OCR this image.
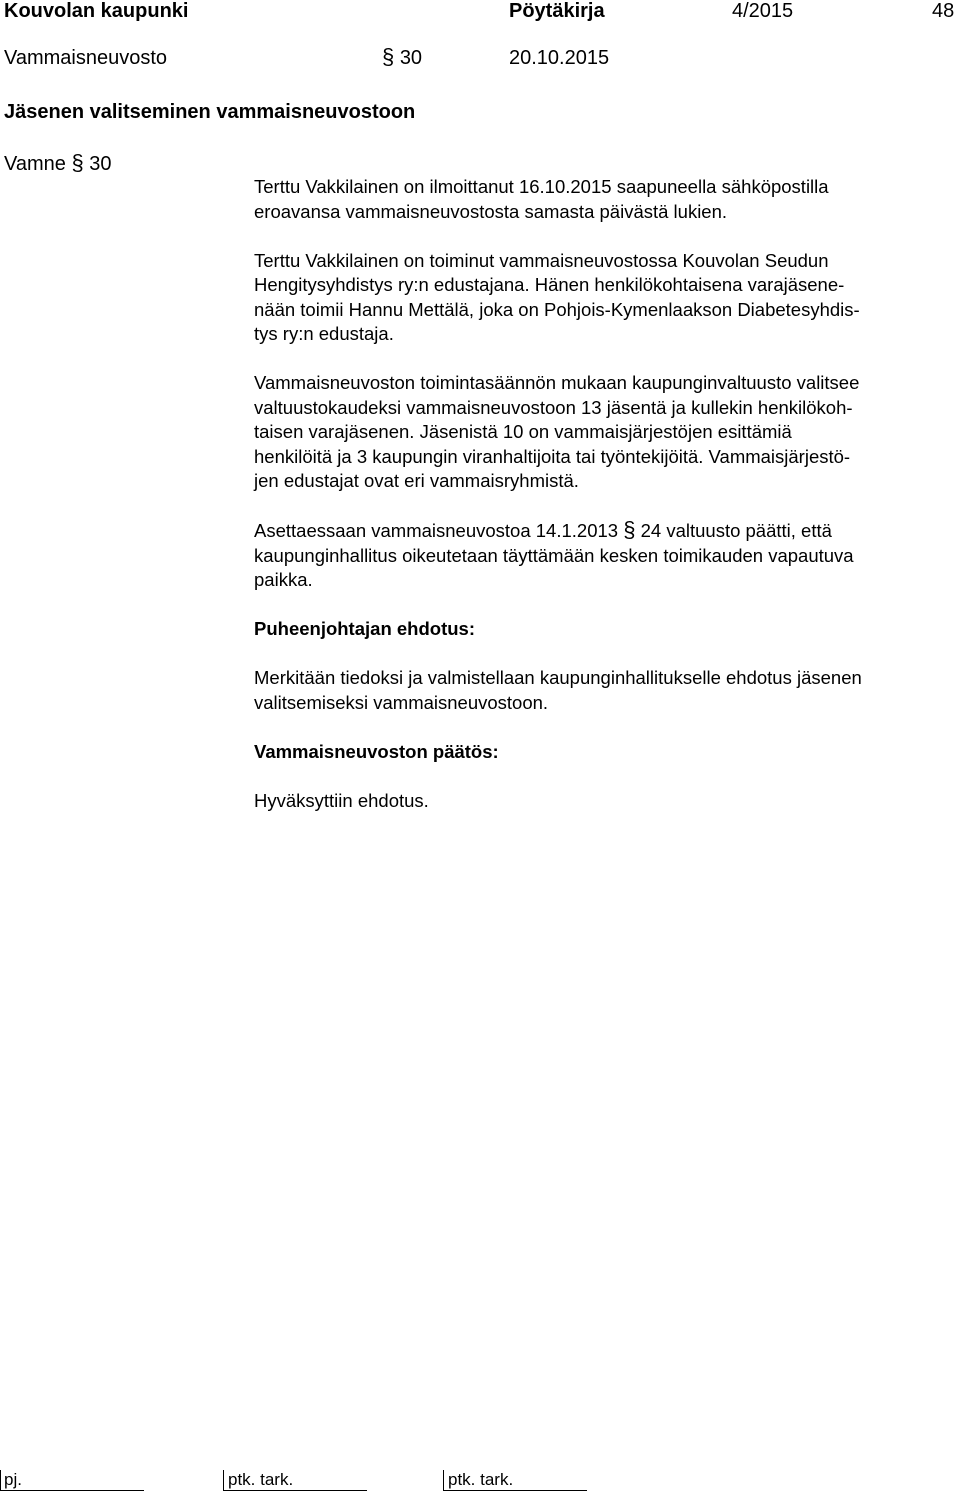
Kouvolan kaupunki	Pöytäkirja	4/2015	48
Vammaisneuvosto	§ 30	20.10.2015
Jäsenen valitseminen vammaisneuvostoon
Vamne § 30

Terttu Vakkilainen on ilmoittanut 16.10.2015 saapuneella sähköpostilla
eroavansa vammaisneuvostosta samasta päivästä lukien.

Terttu Vakkilainen on toiminut vammaisneuvostossa Kouvolan Seudun
Hengitysyhdistys ry:n edustajana. Hänen henkilökohtaisena varajäsene-
nään toimii Hannu Mettälä, joka on Pohjois-Kymenlaakson Diabetesyhdis-
tys ry:n edustaja.

Vammaisneuvoston toimintasäännön mukaan kaupunginvaltuusto valitsee
valtuustokaudeksi vammaisneuvostoon 13 jäsentä ja kullekin henkilökoh-
taisen varajäsenen. Jäsenistä 10 on vammaisjärjestöjen esittämiä
henkilöitä ja 3 kaupungin viranhaltijoita tai työntekijöitä. Vammaisjärjestö-
jen edustajat ovat eri vammaisryhmistä.

Asettaessaan vammaisneuvostoa 14.1.2013 § 24 valtuusto päätti, että
kaupunginhallitus oikeutetaan täyttämään kesken toimikauden vapautuva
paikka.

Puheenjohtajan ehdotus:

Merkitään tiedoksi ja valmistellaan kaupunginhallitukselle ehdotus jäsenen
valitsemiseksi vammaisneuvostoon.

Vammaisneuvoston päätös:

Hyväksyttiin ehdotus.

pj.	ptk. tark.	ptk. tark.
